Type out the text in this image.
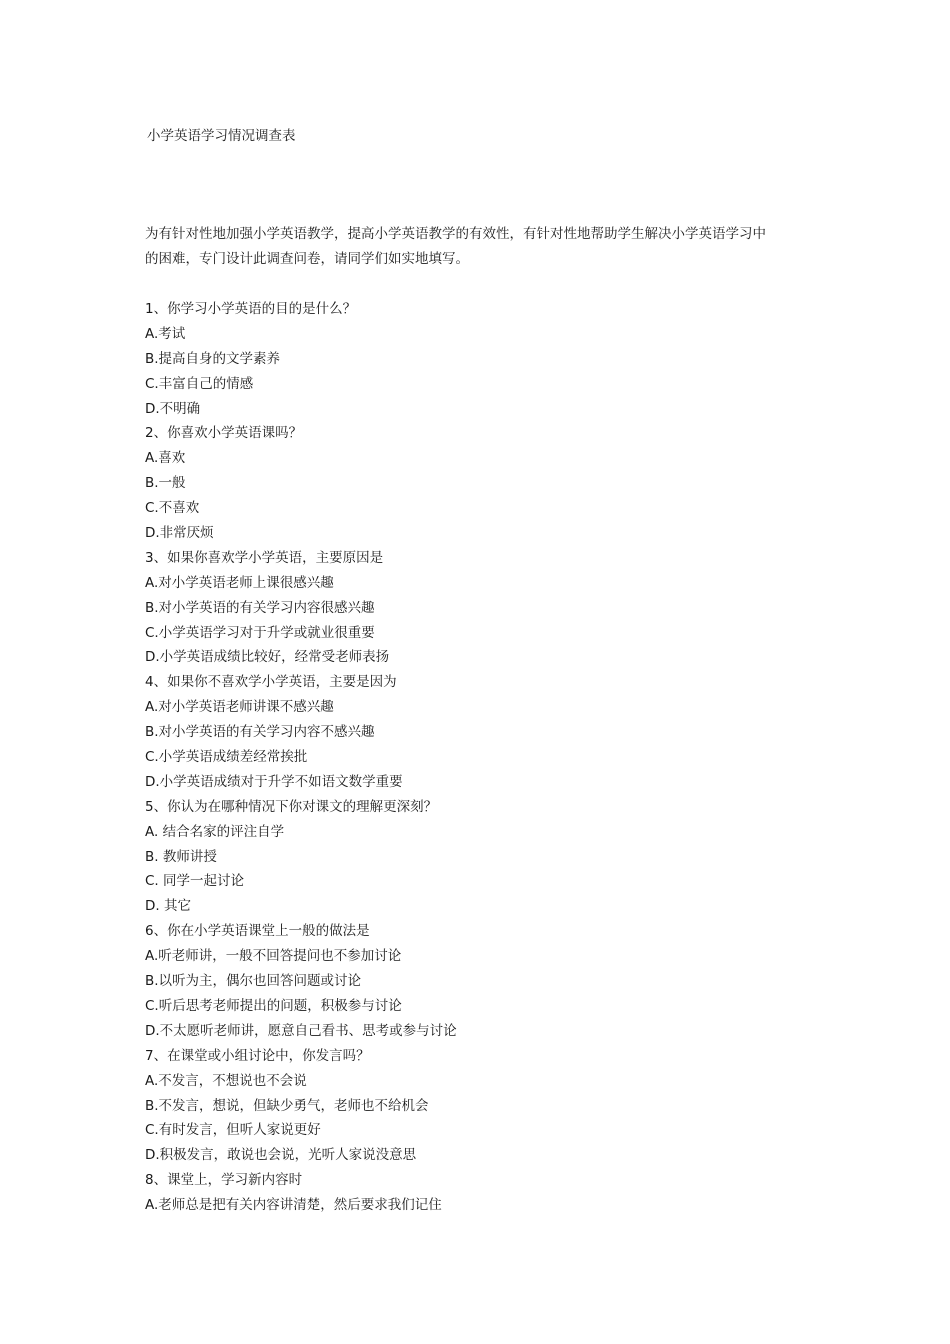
小学英语学习情况调查表
为有针对性地加强小学英语教学，提高小学英语教学的有效性，有针对性地帮助学生解决小学英语学习中
的困难，专门设计此调查问卷，请同学们如实地填写。
1、你学习小学英语的目的是什么？
A.考试
B.提高自身的文学素养
C.丰富自己的情感
D.不明确
2、你喜欢小学英语课吗？
A.喜欢
B.一般
C.不喜欢
D.非常厌烦
3、如果你喜欢学小学英语，主要原因是
A.对小学英语老师上课很感兴趣
B.对小学英语的有关学习内容很感兴趣
C.小学英语学习对于升学或就业很重要
D.小学英语成绩比较好，经常受老师表扬
4、如果你不喜欢学小学英语，主要是因为
A.对小学英语老师讲课不感兴趣
B.对小学英语的有关学习内容不感兴趣
C.小学英语成绩差经常挨批
D.小学英语成绩对于升学不如语文数学重要
5、你认为在哪种情况下你对课文的理解更深刻？
A. 结合名家的评注自学
B. 教师讲授
C. 同学一起讨论
D. 其它
6、你在小学英语课堂上一般的做法是
A.听老师讲，一般不回答提问也不参加讨论
B.以听为主，偶尔也回答问题或讨论
C.听后思考老师提出的问题，积极参与讨论
D.不太愿听老师讲，愿意自己看书、思考或参与讨论
7、在课堂或小组讨论中，你发言吗？
A.不发言，不想说也不会说
B.不发言，想说，但缺少勇气，老师也不给机会
C.有时发言，但听人家说更好
D.积极发言，敢说也会说，光听人家说没意思
8、课堂上，学习新内容时
A.老师总是把有关内容讲清楚，然后要求我们记住
